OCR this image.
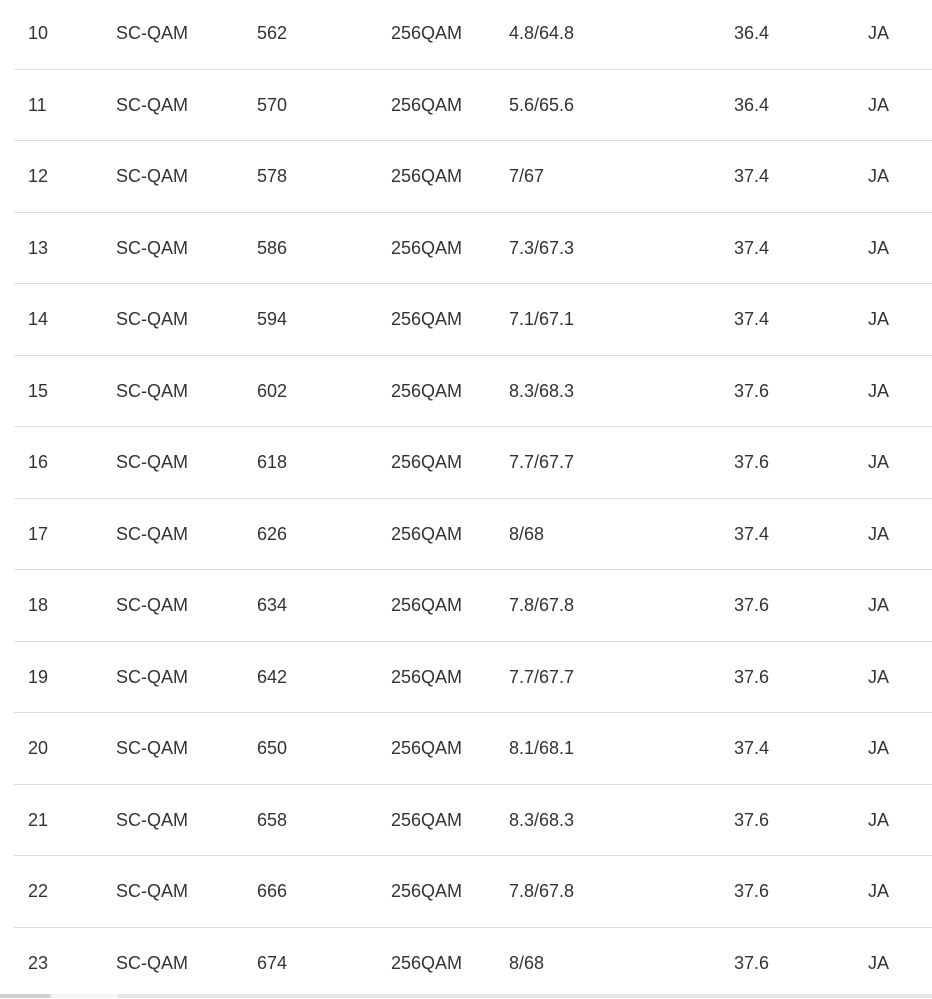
10	SC-QAM	562	256QAM	4.8/64.8	36.4	JA
11	SC-QAM	570	256QAM	5.6/65.6	36.4	JA
12	SC-QAM	578	256QAM	7/67	37.4	JA
13	SC-QAM	586	256QAM	7.3/67.3	37.4	JA
14	SC-QAM	594	256QAM	7.1/67.1	37.4	JA
15	SC-QAM	602	256QAM	8.3/68.3	37.6	JA
16	SC-QAM	618	256QAM	7.7/67.7	37.6	JA
17	SC-QAM	626	256QAM	8/68	37.4	JA
18	SC-QAM	634	256QAM	7.8/67.8	37.6	JA
19	SC-QAM	642	256QAM	7.7/67.7	37.6	JA
20	SC-QAM	650	256QAM	8.1/68.1	37.4	JA
21	SC-QAM	658	256QAM	8.3/68.3	37.6	JA
22	SC-QAM	666	256QAM	7.8/67.8	37.6	JA
23	SC-QAM	674	256QAM	8/68	37.6	JA
